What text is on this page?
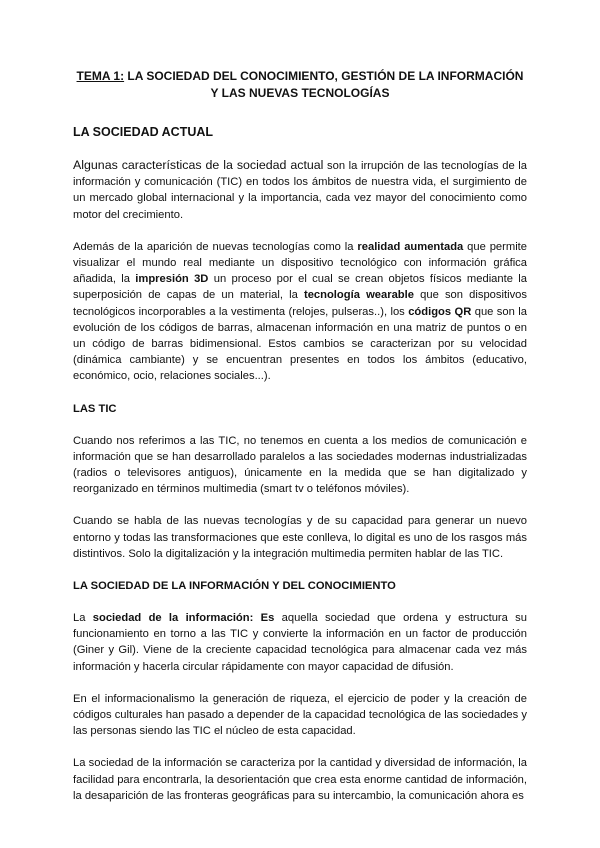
TEMA 1: LA SOCIEDAD DEL CONOCIMIENTO, GESTIÓN DE LA INFORMACIÓN
Y LAS NUEVAS TECNOLOGÍAS
LA SOCIEDAD ACTUAL

Algunas características de la sociedad actual son la irrupción de las tecnologías de la información y comunicación (TIC) en todos los ámbitos de nuestra vida, el surgimiento de un mercado global internacional y la importancia, cada vez mayor del conocimiento como motor del crecimiento.

Además de la aparición de nuevas tecnologías como la realidad aumentada que permite visualizar el mundo real mediante un dispositivo tecnológico con información gráfica añadida, la impresión 3D un proceso por el cual se crean objetos físicos mediante la superposición de capas de un material, la tecnología wearable que son dispositivos tecnológicos incorporables a la vestimenta (relojes, pulseras..), los códigos QR que son la evolución de los códigos de barras, almacenan información en una matriz de puntos o en un código de barras bidimensional. Estos cambios se caracterizan por su velocidad (dinámica cambiante) y se encuentran presentes en todos los ámbitos (educativo, económico, ocio, relaciones sociales...).

LAS TIC

Cuando nos referimos a las TIC, no tenemos en cuenta a los medios de comunicación e información que se han desarrollado paralelos a las sociedades modernas industrializadas (radios o televisores antiguos), únicamente en la medida que se han digitalizado y reorganizado en términos multimedia (smart tv o teléfonos móviles).

Cuando se habla de las nuevas tecnologías y de su capacidad para generar un nuevo entorno y todas las transformaciones que este conlleva, lo digital es uno de los rasgos más distintivos. Solo la digitalización y la integración multimedia permiten hablar de las TIC.

LA SOCIEDAD DE LA INFORMACIÓN Y DEL CONOCIMIENTO

La sociedad de la información: Es aquella sociedad que ordena y estructura su funcionamiento en torno a las TIC y convierte la información en un factor de producción (Giner y Gil). Viene de la creciente capacidad tecnológica para almacenar cada vez más información y hacerla circular rápidamente con mayor capacidad de difusión.

En el informacionalismo la generación de riqueza, el ejercicio de poder y la creación de códigos culturales han pasado a depender de la capacidad tecnológica de las sociedades y las personas siendo las TIC el núcleo de esta capacidad.

La sociedad de la información se caracteriza por la cantidad y diversidad de información, la facilidad para encontrarla, la desorientación que crea esta enorme cantidad de información, la desaparición de las fronteras geográficas para su intercambio, la comunicación ahora es
